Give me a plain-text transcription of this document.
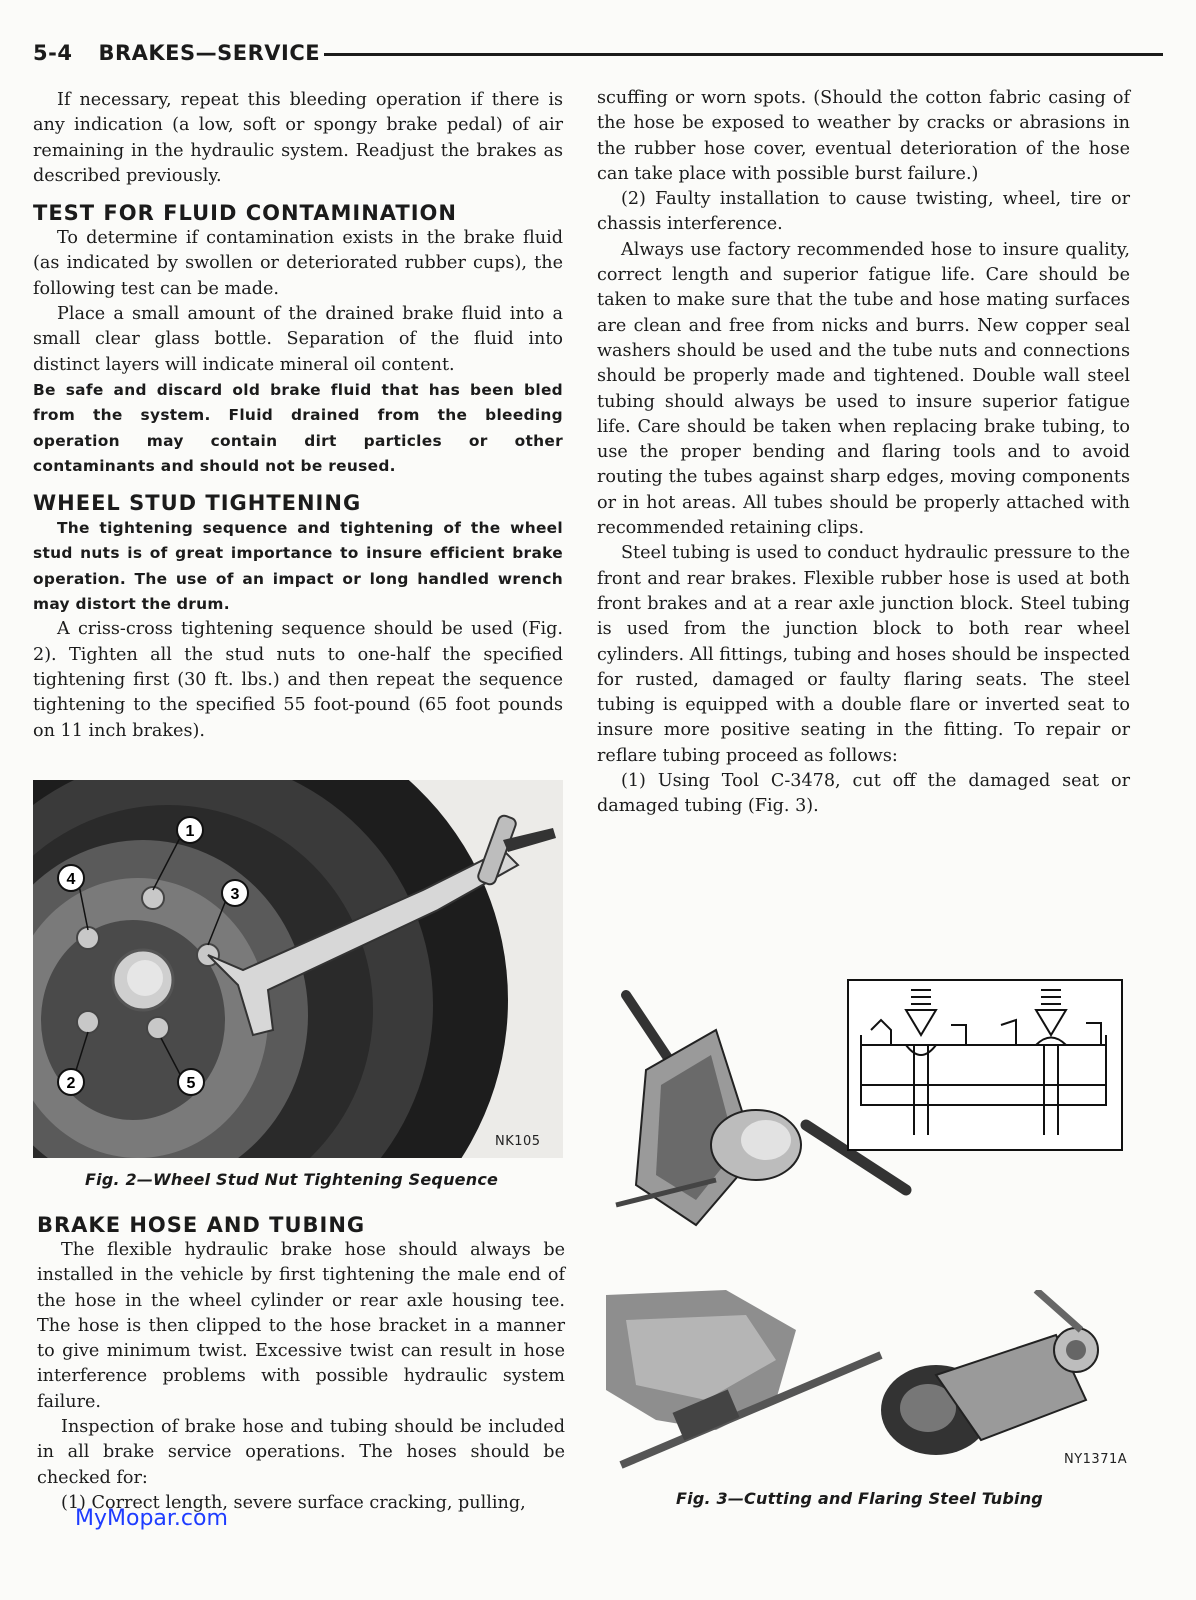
5-4 BRAKES—SERVICE

If necessary, repeat this bleeding operation if there is any indication (a low, soft or spongy brake pedal) of air remaining in the hydraulic system. Readjust the brakes as described previously.

TEST FOR FLUID CONTAMINATION

To determine if contamination exists in the brake fluid (as indicated by swollen or deteriorated rubber cups), the following test can be made.

Place a small amount of the drained brake fluid into a small clear glass bottle. Separation of the fluid into distinct layers will indicate mineral oil content.

Be safe and discard old brake fluid that has been bled from the system. Fluid drained from the bleeding operation may contain dirt particles or other contaminants and should not be reused.

WHEEL STUD TIGHTENING

The tightening sequence and tightening of the wheel stud nuts is of great importance to insure efficient brake operation. The use of an impact or long handled wrench may distort the drum.

A criss-cross tightening sequence should be used (Fig. 2). Tighten all the stud nuts to one-half the specified tightening first (30 ft. lbs.) and then repeat the sequence tightening to the specified 55 foot-pound (65 foot pounds on 11 inch brakes).

1
4
3
2	5
NK105
Fig. 2—Wheel Stud Nut Tightening Sequence
BRAKE HOSE AND TUBING

The flexible hydraulic brake hose should always be installed in the vehicle by first tightening the male end of the hose in the wheel cylinder or rear axle housing tee. The hose is then clipped to the hose bracket in a manner to give minimum twist. Excessive twist can result in hose interference problems with possible hydraulic system failure.

Inspection of brake hose and tubing should be included in all brake service operations. The hoses should be checked for:

(1) Correct length, severe surface cracking, pulling,

scuffing or worn spots. (Should the cotton fabric casing of the hose be exposed to weather by cracks or abrasions in the rubber hose cover, eventual deterioration of the hose can take place with possible burst failure.)

(2) Faulty installation to cause twisting, wheel, tire or chassis interference.

Always use factory recommended hose to insure quality, correct length and superior fatigue life. Care should be taken to make sure that the tube and hose mating surfaces are clean and free from nicks and burrs. New copper seal washers should be used and the tube nuts and connections should be properly made and tightened. Double wall steel tubing should always be used to insure superior fatigue life. Care should be taken when replacing brake tubing, to use the proper bending and flaring tools and to avoid routing the tubes against sharp edges, moving components or in hot areas. All tubes should be properly attached with recommended retaining clips.

Steel tubing is used to conduct hydraulic pressure to the front and rear brakes. Flexible rubber hose is used at both front brakes and at a rear axle junction block. Steel tubing is used from the junction block to both rear wheel cylinders. All fittings, tubing and hoses should be inspected for rusted, damaged or faulty flaring seats. The steel tubing is equipped with a double flare or inverted seat to insure more positive seating in the fitting. To repair or reflare tubing proceed as follows:

(1) Using Tool C-3478, cut off the damaged seat or damaged tubing (Fig. 3).

NY1371A
Fig. 3—Cutting and Flaring Steel Tubing
MyMopar.com
